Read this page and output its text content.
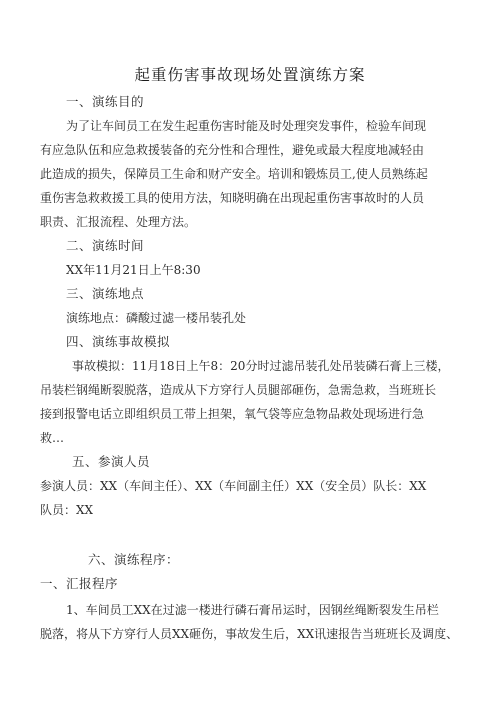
起重伤害事故现场处置演练方案
一、演练目的
为了让车间员工在发生起重伤害时能及时处理突发事件，检验车间现
有应急队伍和应急救援装备的充分性和合理性，避免或最大程度地减轻由
此造成的损失，保障员工生命和财产安全。培训和锻炼员工,使人员熟练起
重伤害急救救援工具的使用方法，知晓明确在出现起重伤害事故时的人员
职责、汇报流程、处理方法。
二、演练时间
XX年11月21日上午8:30
三、演练地点
演练地点：磷酸过滤一楼吊装孔处
四、演练事故模拟
事故模拟：11月18日上午8：20分时过滤吊装孔处吊装磷石膏上三楼，
吊装栏钢绳断裂脱落，造成从下方穿行人员腿部砸伤，急需急救，当班班长
接到报警电话立即组织员工带上担架，氧气袋等应急物品救处现场进行急
救…
五、参演人员
参演人员：XX（车间主任）、XX（车间副主任）XX（安全员）队长：XX
队员：XX
六、演练程序：
一、汇报程序
1、车间员工XX在过滤一楼进行磷石膏吊运时，因钢丝绳断裂发生吊栏
脱落，将从下方穿行人员XX砸伤，事故发生后，XX讯速报告当班班长及调度、
